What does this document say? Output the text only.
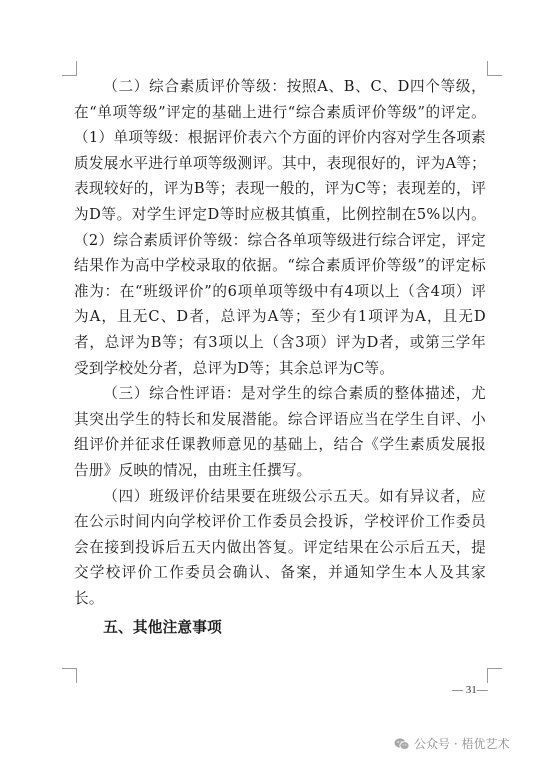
（二）综合素质评价等级：按照A、B、C、D四个等级，在“单项等级”评定的基础上进行“综合素质评价等级”的评定。（1）单项等级：根据评价表六个方面的评价内容对学生各项素质发展水平进行单项等级测评。其中，表现很好的，评为A等；表现较好的，评为B等；表现一般的，评为C等；表现差的，评为D等。对学生评定D等时应极其慎重，比例控制在5%以内。（2）综合素质评价等级：综合各单项等级进行综合评定，评定结果作为高中学校录取的依据。“综合素质评价等级”的评定标准为：在“班级评价”的6项单项等级中有4项以上（含4项）评为A，且无C、D者，总评为A等；至少有1项评为A，且无D者，总评为B等；有3项以上（含3项）评为D者，或第三学年受到学校处分者，总评为D等；其余总评为C等。

（三）综合性评语：是对学生的综合素质的整体描述，尤其突出学生的特长和发展潜能。综合评语应当在学生自评、小组评价并征求任课教师意见的基础上，结合《学生素质发展报告册》反映的情况，由班主任撰写。

（四）班级评价结果要在班级公示五天。如有异议者，应在公示时间内向学校评价工作委员会投诉，学校评价工作委员会在接到投诉后五天内做出答复。评定结果在公示后五天，提交学校评价工作委员会确认、备案，并通知学生本人及其家长。

五、其他注意事项

— 31—
公众号 · 梧优艺术
